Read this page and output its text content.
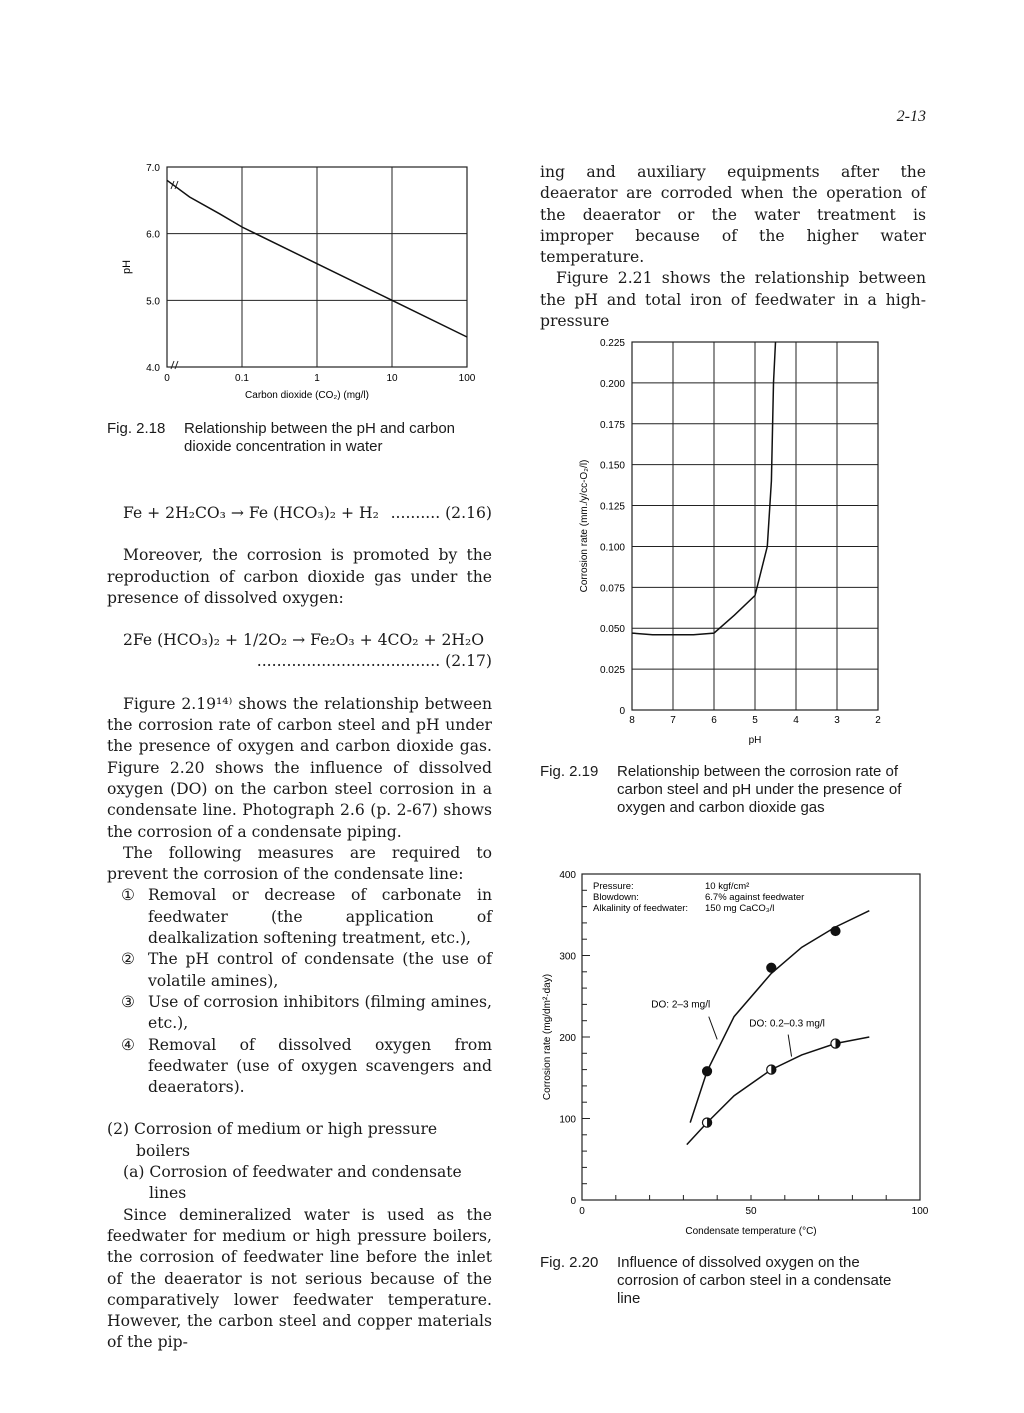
2-13
0	0.1	1	10	100
4.0
5.0
6.0
7.0
Carbon dioxide (CO₂) (mg/l)
pH
Fig. 2.18 Relationship between the pH and carbon dioxide concentration in water

Fe + 2H₂CO₃ → Fe (HCO₃)₂ + H₂ .......... (2.16)

Moreover, the corrosion is promoted by the reproduction of carbon dioxide gas under the presence of dissolved oxygen:

2Fe (HCO₃)₂ + 1/2O₂ → Fe₂O₃ + 4CO₂ + 2H₂O

..................................... (2.17)

Figure 2.19¹⁴⁾ shows the relationship between the corrosion rate of carbon steel and pH under the presence of oxygen and carbon dioxide gas. Figure 2.20 shows the influence of dissolved oxygen (DO) on the carbon steel corrosion in a condensate line. Photograph 2.6 (p. 2-67) shows the corrosion of a condensate piping.

The following measures are required to prevent the corrosion of the condensate line:

① Removal or decrease of carbonate in feedwater (the application of dealkalization softening treatment, etc.),
② The pH control of condensate (the use of volatile amines),
③ Use of corrosion inhibitors (filming amines, etc.),
④ Removal of dissolved oxygen from feedwater (use of oxygen scavengers and deaerators).

(2) Corrosion of medium or high pressure boilers

(a) Corrosion of feedwater and condensate lines

Since demineralized water is used as the feedwater for medium or high pressure boilers, the corrosion of feedwater line before the inlet of the deaerator is not serious because of the comparatively lower feedwater temperature. However, the carbon steel and copper materials of the pip-

ing and auxiliary equipments after the deaerator are corroded when the operation of the deaerator or the water treatment is improper because of the higher water temperature.

Figure 2.21 shows the relationship between the pH and total iron of feedwater in a high-pressure

8	7	6	5	4	3	2
0
0.025
0.050
0.075
0.100
0.125
0.150
0.175
0.200
0.225
pH
Corrosion rate (mm./y/cc-O₂/l)
Fig. 2.19 Relationship between the corrosion rate of carbon steel and pH under the presence of oxygen and carbon dioxide gas
0	50	100
0
100
200
300
400
Condensate temperature (°C)
Corrosion rate (mg/dm²·day)
Pressure:	10 kgf/cm²
Blowdown:	6.7% against feedwater
Alkalinity of feedwater: 150 mg CaCO₃/l
DO: 2–3 mg/l
DO: 0.2–0.3 mg/l
Fig. 2.20 Influence of dissolved oxygen on the corrosion of carbon steel in a condensate line
